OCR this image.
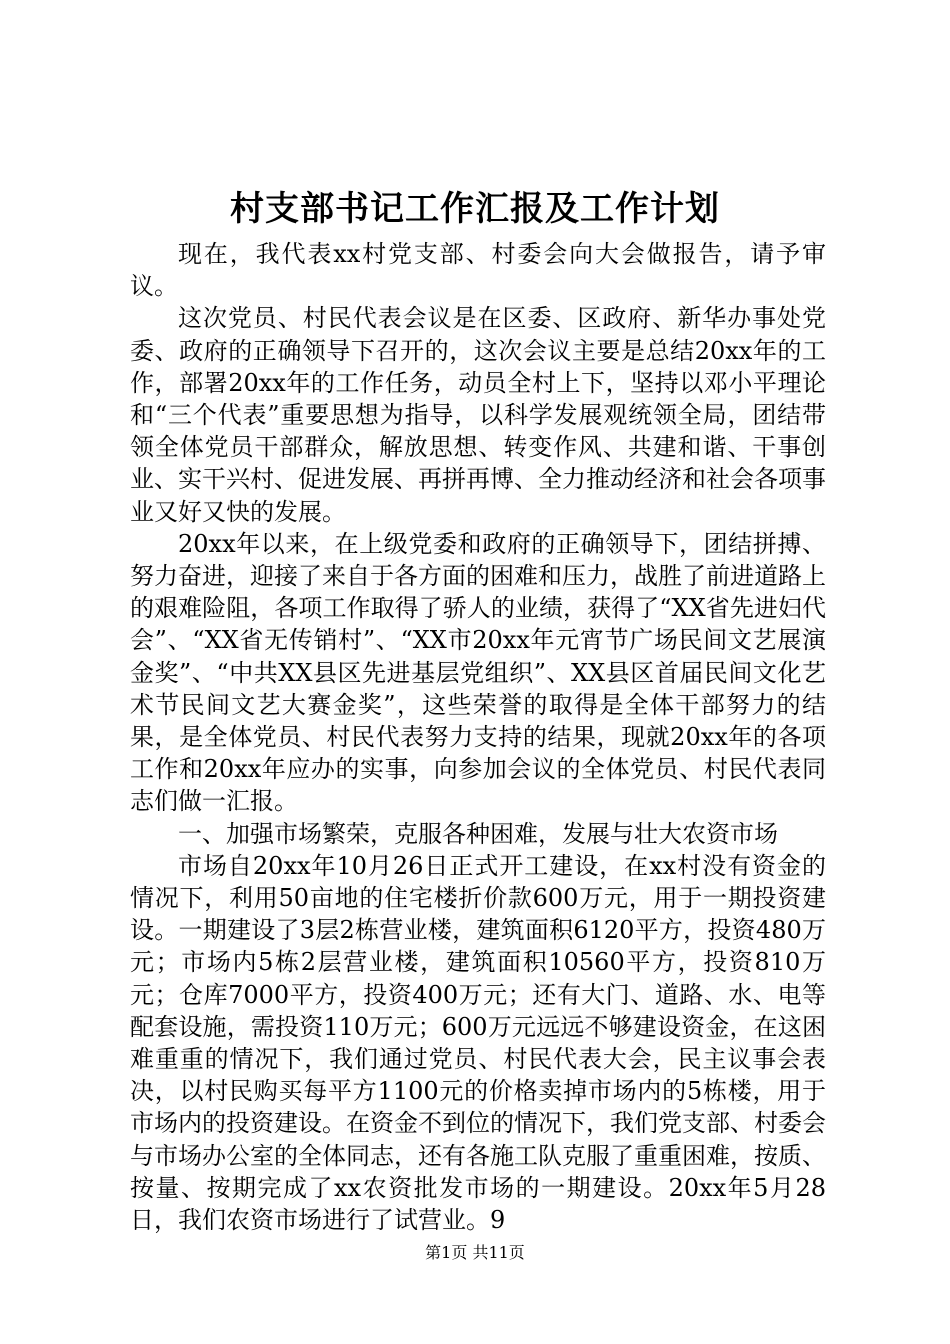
村支部书记工作汇报及工作计划

现在，我代表xx村党支部、村委会向大会做报告，请予审议。

这次党员、村民代表会议是在区委、区政府、新华办事处党委、政府的正确领导下召开的，这次会议主要是总结20xx年的工作，部署20xx年的工作任务，动员全村上下，坚持以邓小平理论和“三个代表”重要思想为指导，以科学发展观统领全局，团结带领全体党员干部群众，解放思想、转变作风、共建和谐、干事创业、实干兴村、促进发展、再拼再博、全力推动经济和社会各项事业又好又快的发展。

20xx年以来，在上级党委和政府的正确领导下，团结拼搏、努力奋进，迎接了来自于各方面的困难和压力，战胜了前进道路上的艰难险阻，各项工作取得了骄人的业绩，获得了“XX省先进妇代会”、“XX省无传销村”、“XX市20xx年元宵节广场民间文艺展演金奖”、“中共XX县区先进基层党组织”、XX县区首届民间文化艺术节民间文艺大赛金奖”，这些荣誉的取得是全体干部努力的结果，是全体党员、村民代表努力支持的结果，现就20xx年的各项工作和20xx年应办的实事，向参加会议的全体党员、村民代表同志们做一汇报。

一、加强市场繁荣，克服各种困难，发展与壮大农资市场

市场自20xx年10月26日正式开工建设，在xx村没有资金的情况下，利用50亩地的住宅楼折价款600万元，用于一期投资建设。一期建设了3层2栋营业楼，建筑面积6120平方，投资480万元；市场内5栋2层营业楼，建筑面积10560平方，投资810万元；仓库7000平方，投资400万元；还有大门、道路、水、电等配套设施，需投资110万元；600万元远远不够建设资金，在这困难重重的情况下，我们通过党员、村民代表大会，民主议事会表决，以村民购买每平方1100元的价格卖掉市场内的5栋楼，用于市场内的投资建设。在资金不到位的情况下，我们党支部、村委会与市场办公室的全体同志，还有各施工队克服了重重困难，按质、按量、按期完成了xx农资批发市场的一期建设。20xx年5月28日，我们农资市场进行了试营业。9

第1页 共11页
